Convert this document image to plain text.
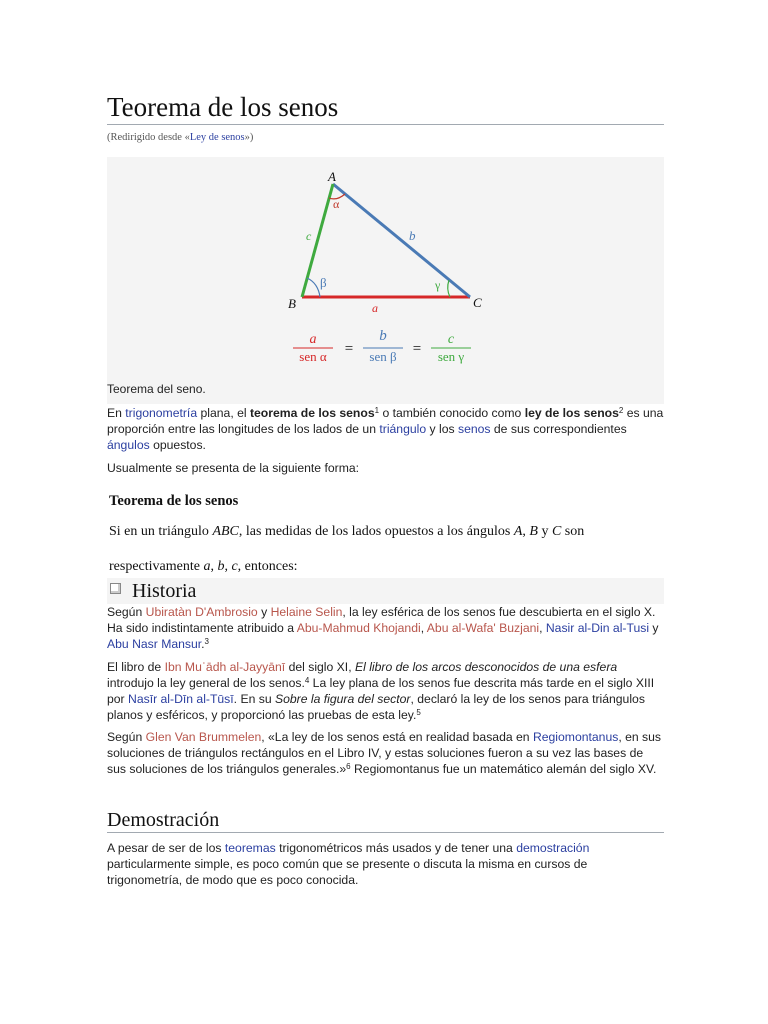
Teorema de los senos
(Redirigido desde «Ley de senos»)
A
B	C
a
b
c
α
β	γ
a
sen α =
b
sen β =
c
sen γ
Teorema del seno.

En trigonometría plana, el teorema de los senos$^1$ o también conocido como ley de los senos$^2$ es una proporción entre las longitudes de los lados de un triángulo y los senos de sus correspondientes ángulos opuestos.

Usualmente se presenta de la siguiente forma:

Teorema de los senos
Si en un triángulo ABC, las medidas de los lados opuestos a los ángulos A, B y C son respectivamente a, b, c, entonces:
Historia

Según Ubiratàn D'Ambrosio y Helaine Selin, la ley esférica de los senos fue descubierta en el siglo X. Ha sido indistintamente atribuido a Abu-Mahmud Khojandi, Abu al-Wafa' Buzjani, Nasir al-Din al-Tusi y Abu Nasr Mansur.$^3$

El libro de Ibn Muʿādh al-Jayyānī del siglo XI, El libro de los arcos desconocidos de una esfera introdujo la ley general de los senos.$^4$ La ley plana de los senos fue descrita más tarde en el siglo XIII por Nasīr al-Dīn al-Tūsī. En su Sobre la figura del sector, declaró la ley de los senos para triángulos planos y esféricos, y proporcionó las pruebas de esta ley.$^5$

Según Glen Van Brummelen, «La ley de los senos está en realidad basada en Regiomontanus, en sus soluciones de triángulos rectángulos en el Libro IV, y estas soluciones fueron a su vez las bases de sus soluciones de los triángulos generales.»$^6$ Regiomontanus fue un matemático alemán del siglo XV.

Demostración

A pesar de ser de los teoremas trigonométricos más usados y de tener una demostración particularmente simple, es poco común que se presente o discuta la misma en cursos de trigonometría, de modo que es poco conocida.
